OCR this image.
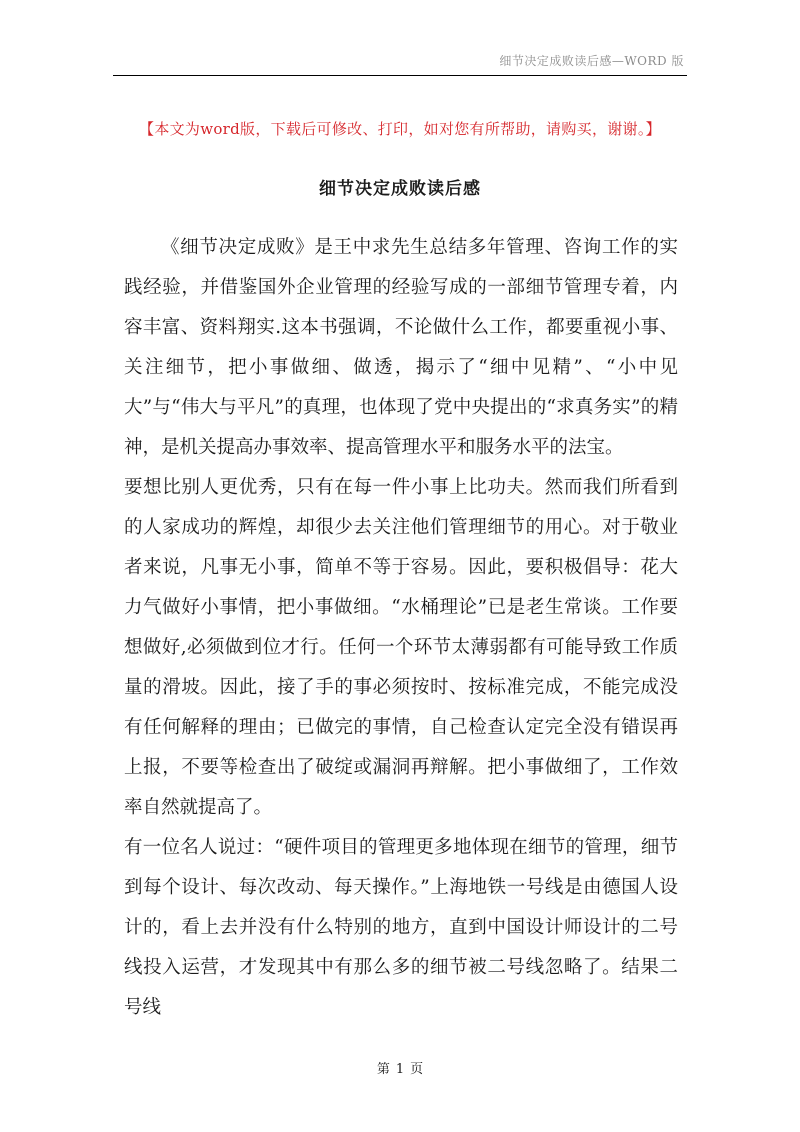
细节决定成败读后感—WORD 版
【本文为word版，下载后可修改、打印，如对您有所帮助，请购买，谢谢。】
细节决定成败读后感

《细节决定成败》是王中求先生总结多年管理、咨询工作的实践经验，并借鉴国外企业管理的经验写成的一部细节管理专着，内容丰富、资料翔实.这本书强调，不论做什么工作，都要重视小事、关注细节，把小事做细、做透，揭示了“细中见精”、“小中见大”与“伟大与平凡”的真理，也体现了党中央提出的“求真务实”的精神，是机关提高办事效率、提高管理水平和服务水平的法宝。

要想比别人更优秀，只有在每一件小事上比功夫。然而我们所看到的人家成功的辉煌，却很少去关注他们管理细节的用心。对于敬业者来说，凡事无小事，简单不等于容易。因此，要积极倡导：花大力气做好小事情，把小事做细。“水桶理论”已是老生常谈。工作要想做好,必须做到位才行。任何一个环节太薄弱都有可能导致工作质量的滑坡。因此，接了手的事必须按时、按标准完成，不能完成没有任何解释的理由；已做完的事情，自己检查认定完全没有错误再上报，不要等检查出了破绽或漏洞再辩解。把小事做细了，工作效率自然就提高了。

有一位名人说过：“硬件项目的管理更多地体现在细节的管理，细节到每个设计、每次改动、每天操作。”上海地铁一号线是由德国人设计的，看上去并没有什么特别的地方，直到中国设计师设计的二号线投入运营，才发现其中有那么多的细节被二号线忽略了。结果二号线

第 1 页
